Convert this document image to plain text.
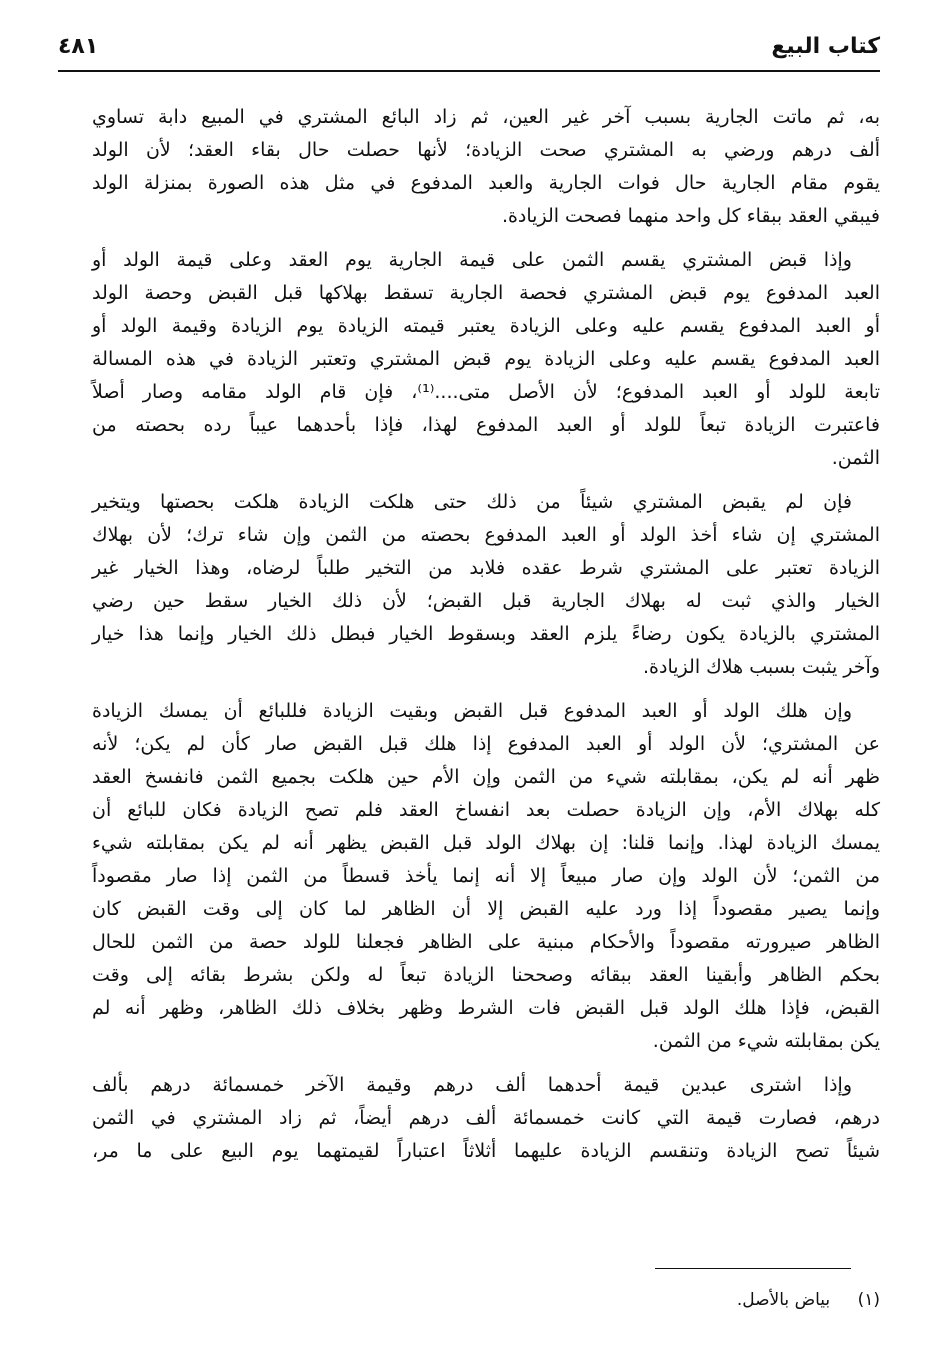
كتاب البيع
٤٨١
به، ثم ماتت الجارية بسبب آخر غير العين، ثم زاد البائع المشتري في المبيع دابة تساوي
ألف درهم ورضي به المشتري صحت الزيادة؛ لأنها حصلت حال بقاء العقد؛ لأن الولد
يقوم مقام الجارية حال فوات الجارية والعبد المدفوع في مثل هذه الصورة بمنزلة الولد
فيبقي العقد ببقاء كل واحد منهما فصحت الزيادة.
وإذا قبض المشتري يقسم الثمن على قيمة الجارية يوم العقد وعلى قيمة الولد أو
العبد المدفوع يوم قبض المشتري فحصة الجارية تسقط بهلاكها قبل القبض وحصة الولد
أو العبد المدفوع يقسم عليه وعلى الزيادة يعتبر قيمته الزيادة يوم الزيادة وقيمة الولد أو
العبد المدفوع يقسم عليه وعلى الزيادة يوم قبض المشتري وتعتبر الزيادة في هذه المسالة
تابعة للولد أو العبد المدفوع؛ لأن الأصل متى....⁽¹⁾، فإن قام الولد مقامه وصار أصلاً
فاعتبرت الزيادة تبعاً للولد أو العبد المدفوع لهذا، فإذا بأحدهما عيباً رده بحصته من
الثمن.
فإن لم يقبض المشتري شيئاً من ذلك حتى هلكت الزيادة هلكت بحصتها ويتخير
المشتري إن شاء أخذ الولد أو العبد المدفوع بحصته من الثمن وإن شاء ترك؛ لأن بهلاك
الزيادة تعتبر على المشتري شرط عقده فلابد من التخير طلباً لرضاه، وهذا الخيار غير
الخيار والذي ثبت له بهلاك الجارية قبل القبض؛ لأن ذلك الخيار سقط حين رضي
المشتري بالزيادة يكون رضاءً يلزم العقد وبسقوط الخيار فبطل ذلك الخيار وإنما هذا خيار
وآخر يثبت بسبب هلاك الزيادة.
وإن هلك الولد أو العبد المدفوع قبل القبض وبقيت الزيادة فللبائع أن يمسك الزيادة
عن المشتري؛ لأن الولد أو العبد المدفوع إذا هلك قبل القبض صار كأن لم يكن؛ لأنه
ظهر أنه لم يكن، بمقابلته شيء من الثمن وإن الأم حين هلكت بجميع الثمن فانفسخ العقد
كله بهلاك الأم، وإن الزيادة حصلت بعد انفساخ العقد فلم تصح الزيادة فكان للبائع أن
يمسك الزيادة لهذا. وإنما قلنا: إن بهلاك الولد قبل القبض يظهر أنه لم يكن بمقابلته شيء
من الثمن؛ لأن الولد وإن صار مبيعاً إلا أنه إنما يأخذ قسطاً من الثمن إذا صار مقصوداً
وإنما يصير مقصوداً إذا ورد عليه القبض إلا أن الظاهر لما كان إلى وقت القبض كان
الظاهر صيرورته مقصوداً والأحكام مبنية على الظاهر فجعلنا للولد حصة من الثمن للحال
بحكم الظاهر وأبقينا العقد ببقائه وصححنا الزيادة تبعاً له ولكن بشرط بقائه إلى وقت
القبض، فإذا هلك الولد قبل القبض فات الشرط وظهر بخلاف ذلك الظاهر، وظهر أنه لم
يكن بمقابلته شيء من الثمن.
وإذا اشترى عبدين قيمة أحدهما ألف درهم وقيمة الآخر خمسمائة درهم بألف
درهم، فصارت قيمة التي كانت خمسمائة ألف درهم أيضاً، ثم زاد المشتري في الثمن
شيئاً تصح الزيادة وتنقسم الزيادة عليهما أثلاثاً اعتباراً لقيمتهما يوم البيع على ما مر،
(١) بياض بالأصل.
